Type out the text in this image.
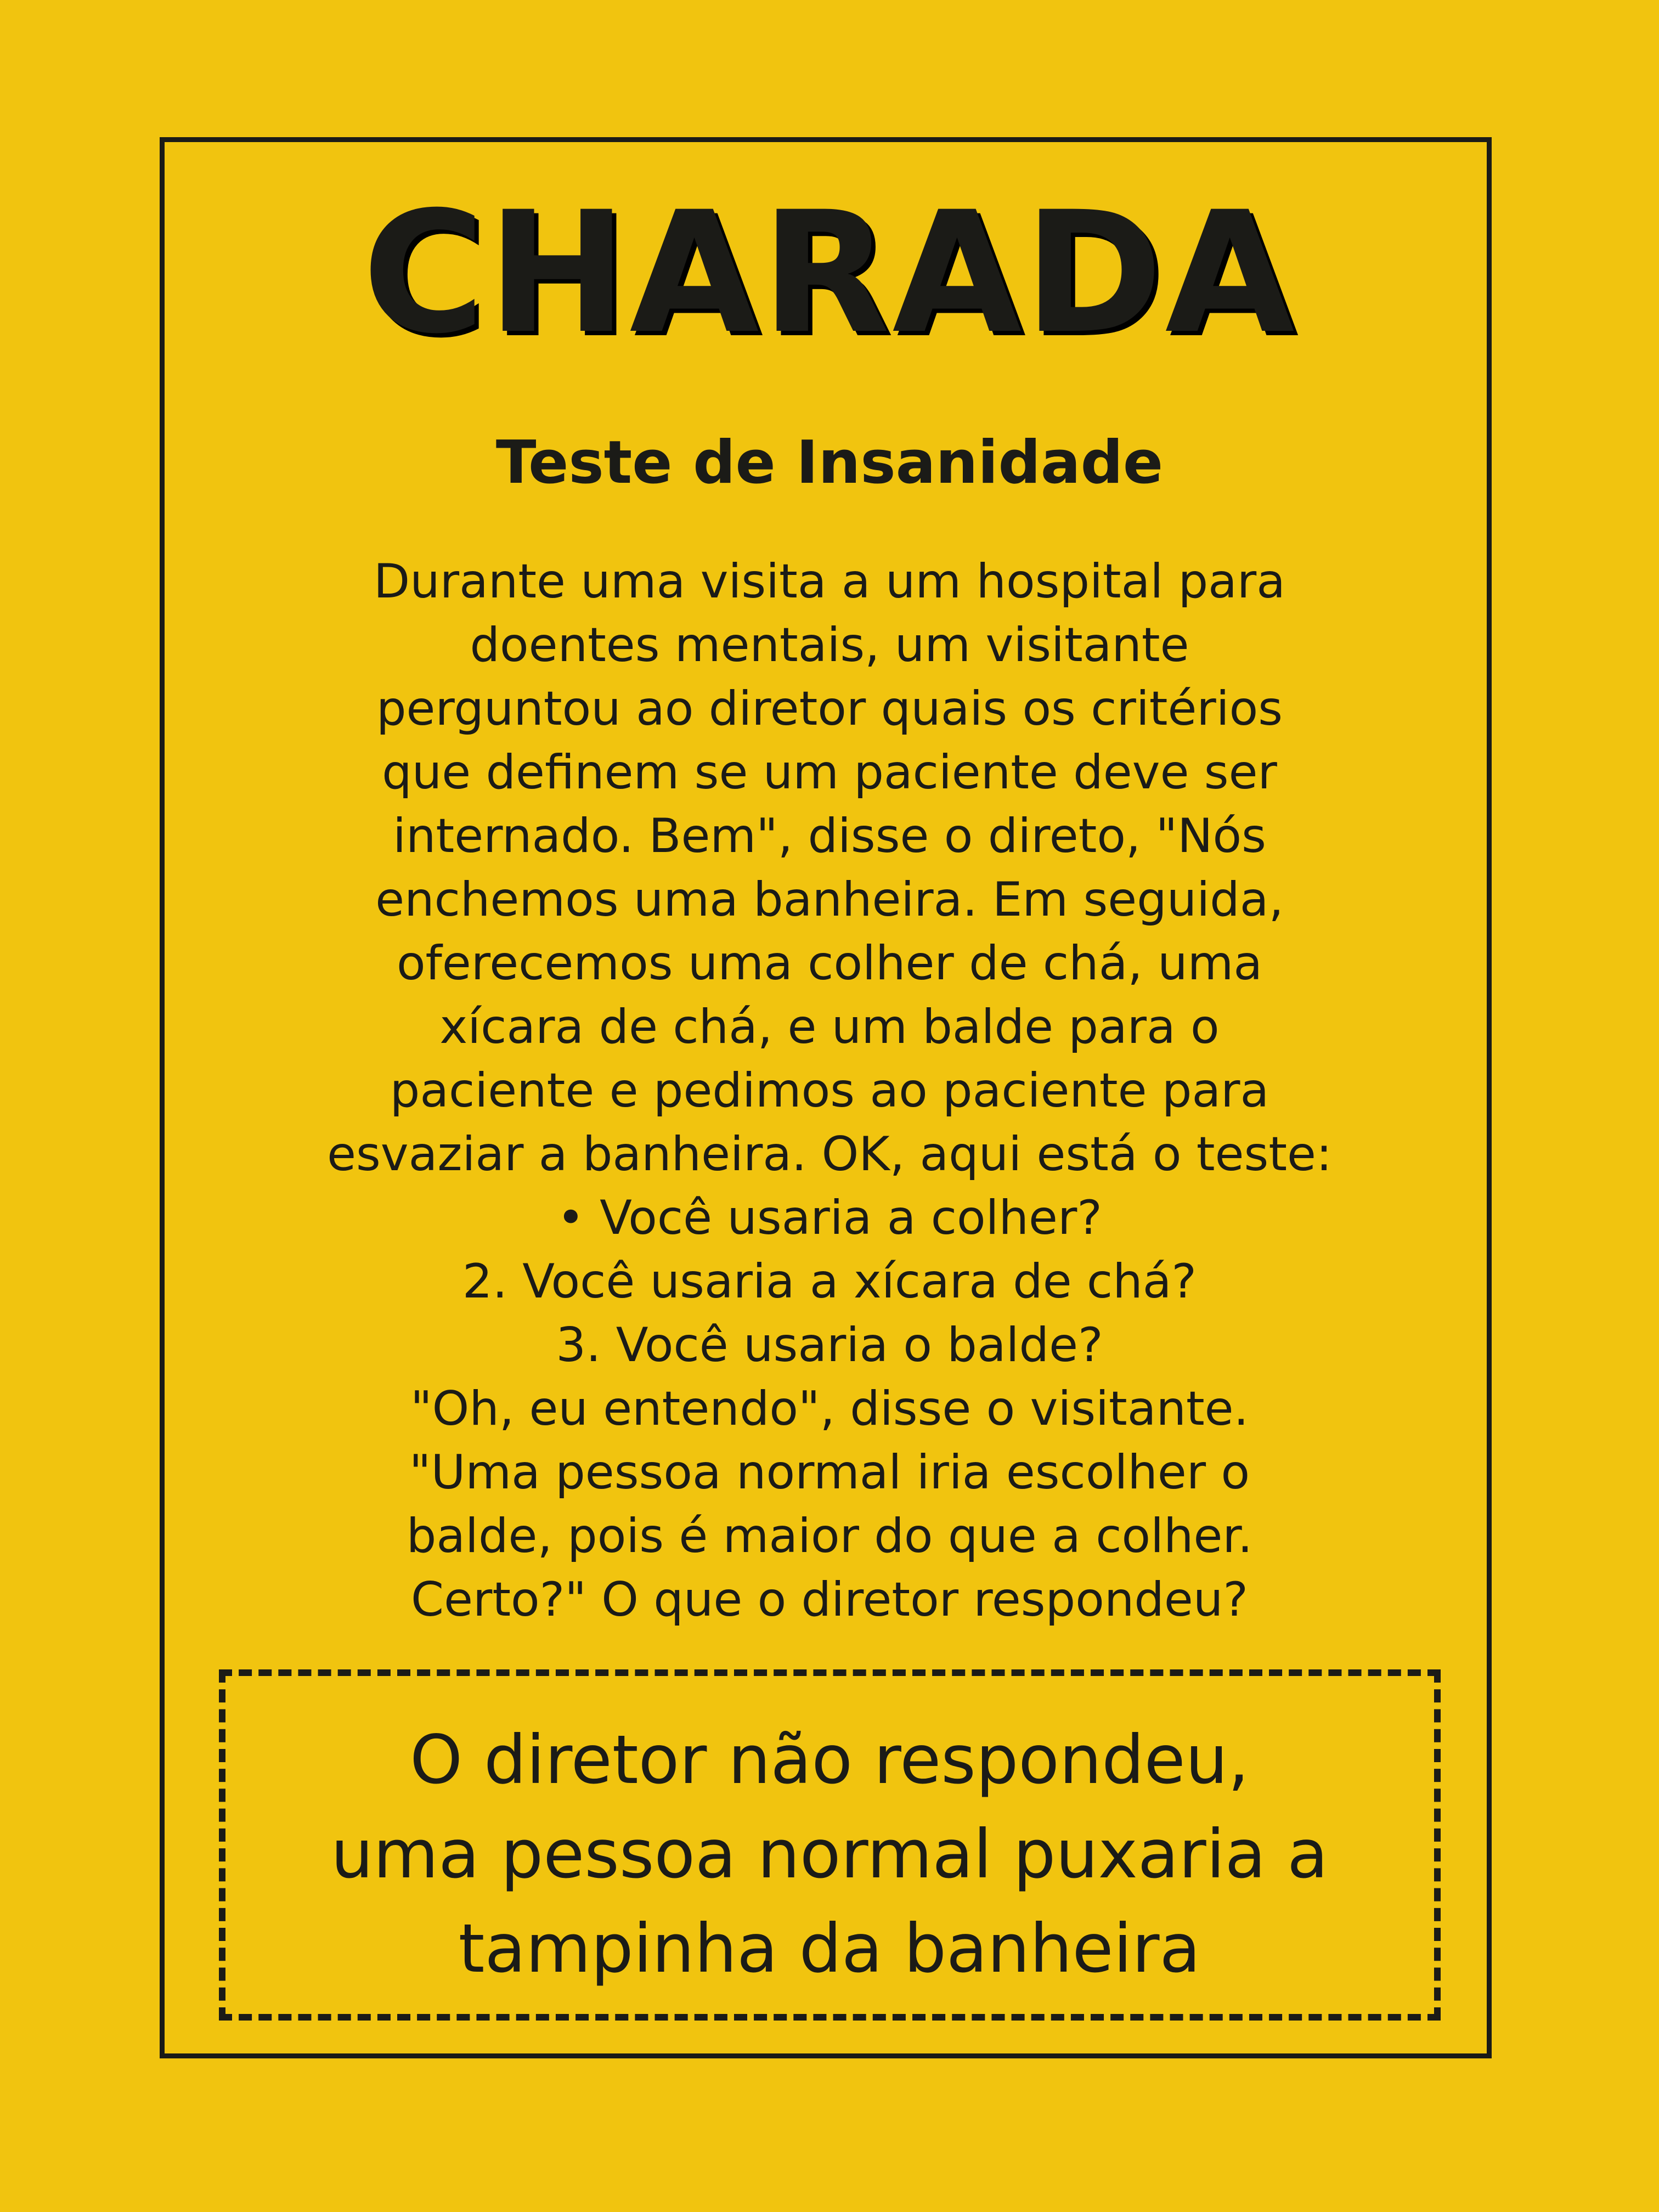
CHARADA
Teste de Insanidade
Durante uma visita a um hospital para
doentes mentais, um visitante
perguntou ao diretor quais os critérios
que definem se um paciente deve ser
internado. Bem", disse o direto, "Nós
enchemos uma banheira. Em seguida,
oferecemos uma colher de chá, uma
xícara de chá, e um balde para o
paciente e pedimos ao paciente para
esvaziar a banheira. OK, aqui está o teste:
• Você usaria a colher?
2. Você usaria a xícara de chá?
3. Você usaria o balde?
"Oh, eu entendo", disse o visitante.
"Uma pessoa normal iria escolher o
balde, pois é maior do que a colher.
Certo?" O que o diretor respondeu?
O diretor não respondeu,
uma pessoa normal puxaria a
tampinha da banheira
